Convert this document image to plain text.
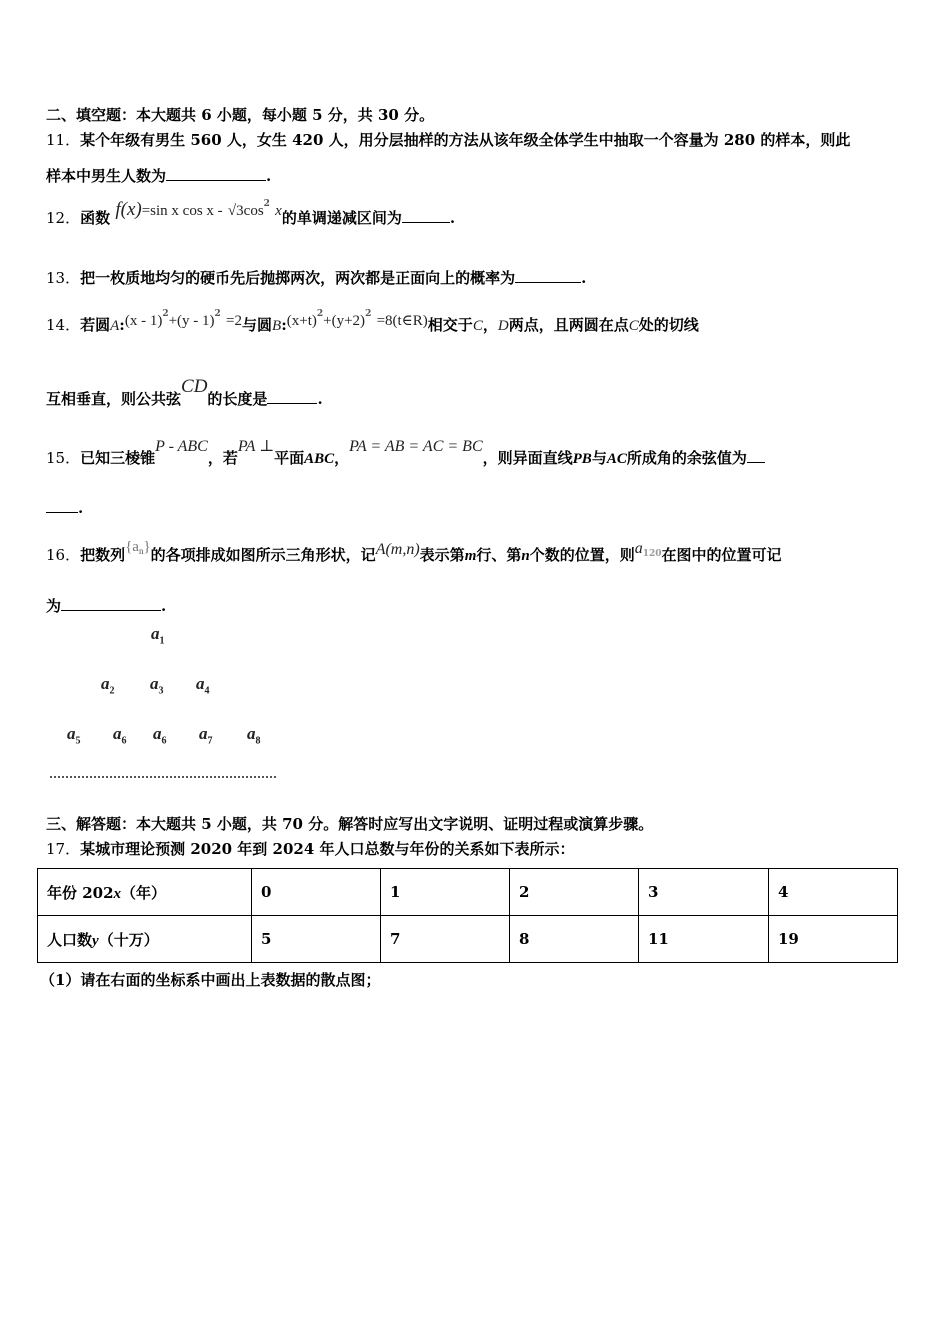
二、填空题：本大题共 6 小题，每小题 5 分，共 30 分。
11．某个年级有男生 560 人，女生 420 人，用分层抽样的方法从该年级全体学生中抽取一个容量为 280 的样本，则此
样本中男生人数为	.
12．函数 f(x)=sin x cos x - $√3\cos^2$ x的单调递减区间为	.
13．把一枚质地均匀的硬币先后抛掷两次，两次都是正面向上的概率为	.
14．若圆A:(x - 1)$^2$+(y - 1)$^2$ =2与圆$B:(x+t)^2+(y+2)^2$ =8(t∈R)相交于C，D两点，且两圆在点C处的切线
互相垂直，则公共弦CD的长度是	.
15．已知三棱锥P - ABC，若PA ⊥平面ABC，PA = AB = AC = BC，则异面直线PB与AC所成角的余弦值为
.
16．把数列$\{a_n\}$的各项排成如图所示三角形状，记A(m,n)表示第m行、第n个数的位置，则$a_{120}$在图中的位置可记
为	.
$a_1$
$a_2$ $a_3$ $a_4$
$a_5$ $a_6$ $a_6$ $a_7$ $a_8$
三、解答题：本大题共 5 小题，共 70 分。解答时应写出文字说明、证明过程或演算步骤。
17．某城市理论预测 2020 年到 2024 年人口总数与年份的关系如下表所示：
年份 202x（年）	0	1	2	3	4
人口数y（十万）	5	7	8	11	19
（1）请在右面的坐标系中画出上表数据的散点图；
